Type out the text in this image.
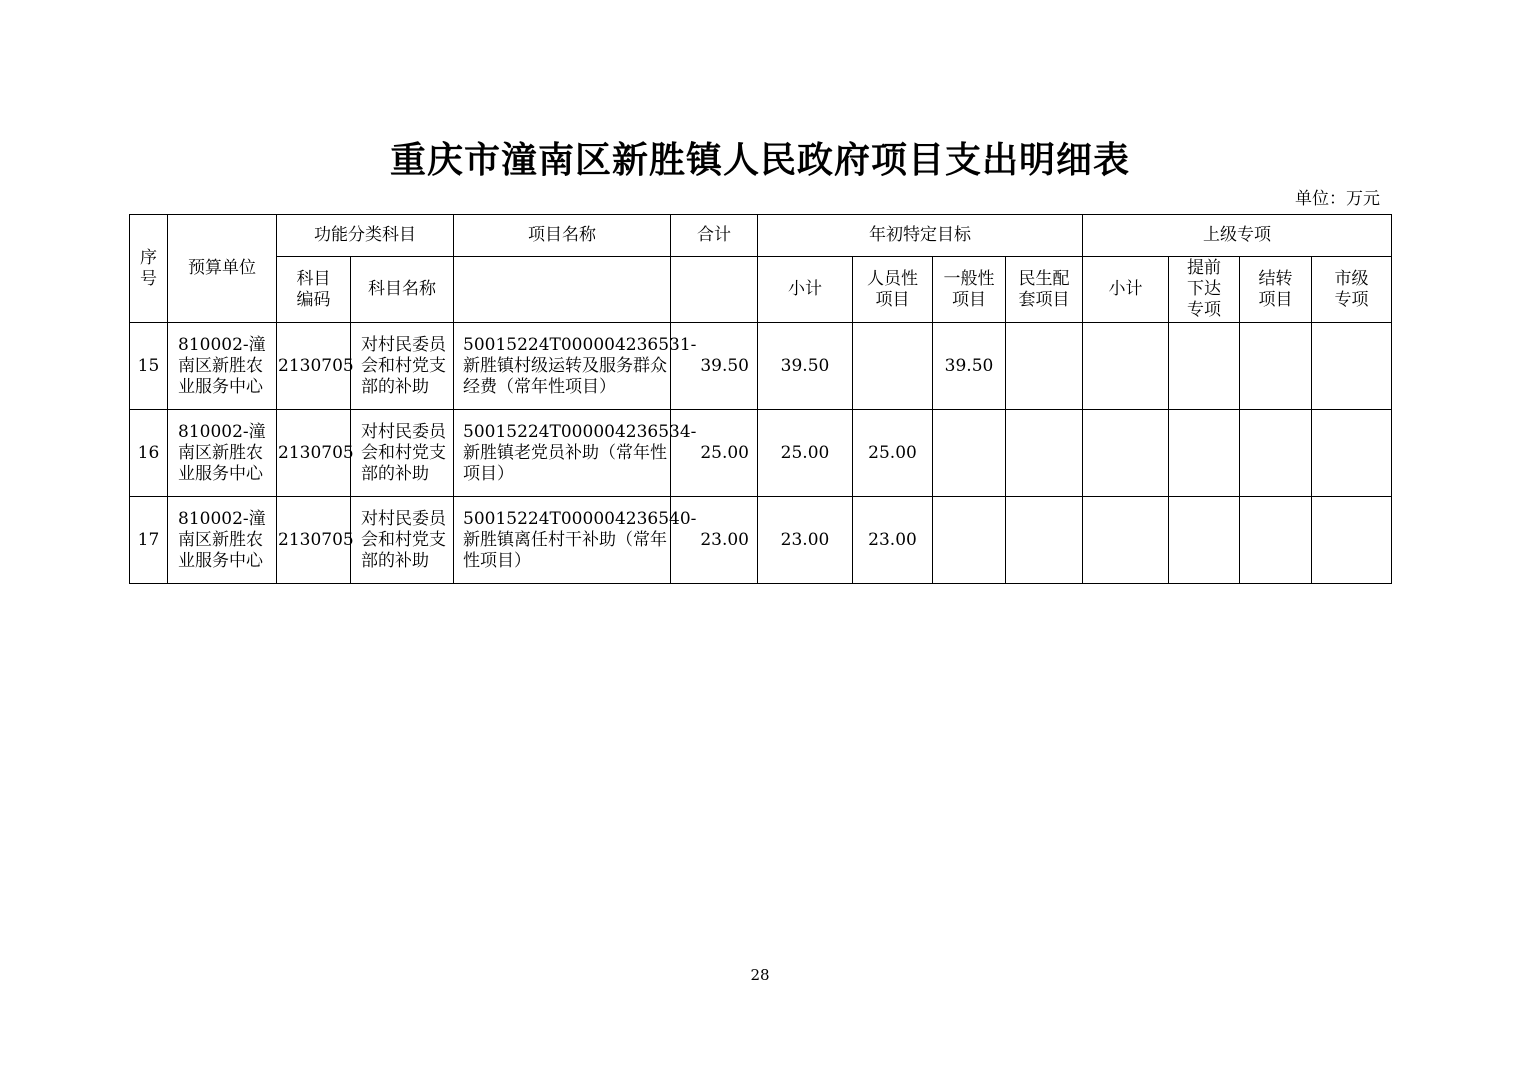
重庆市潼南区新胜镇人民政府项目支出明细表
单位：万元
序号	预算单位	功能分类科目		项目名称	合计	年初特定目标				上级专项			
		科目编码	科目名称			小计	人员性项目	一般性项目	民生配套项目	小计	提前下达专项	结转项目	市级专项
15	810002-潼南区新胜农业服务中心	2130705	对村民委员会和村党支部的补助	50015224T000004236531-新胜镇村级运转及服务群众经费（常年性项目）	39.50	39.50		39.50					
16	810002-潼南区新胜农业服务中心	2130705	对村民委员会和村党支部的补助	50015224T000004236534-新胜镇老党员补助（常年性项目）	25.00	25.00	25.00						
17	810002-潼南区新胜农业服务中心	2130705	对村民委员会和村党支部的补助	50015224T000004236540-新胜镇离任村干补助（常年性项目）	23.00	23.00	23.00						
28
